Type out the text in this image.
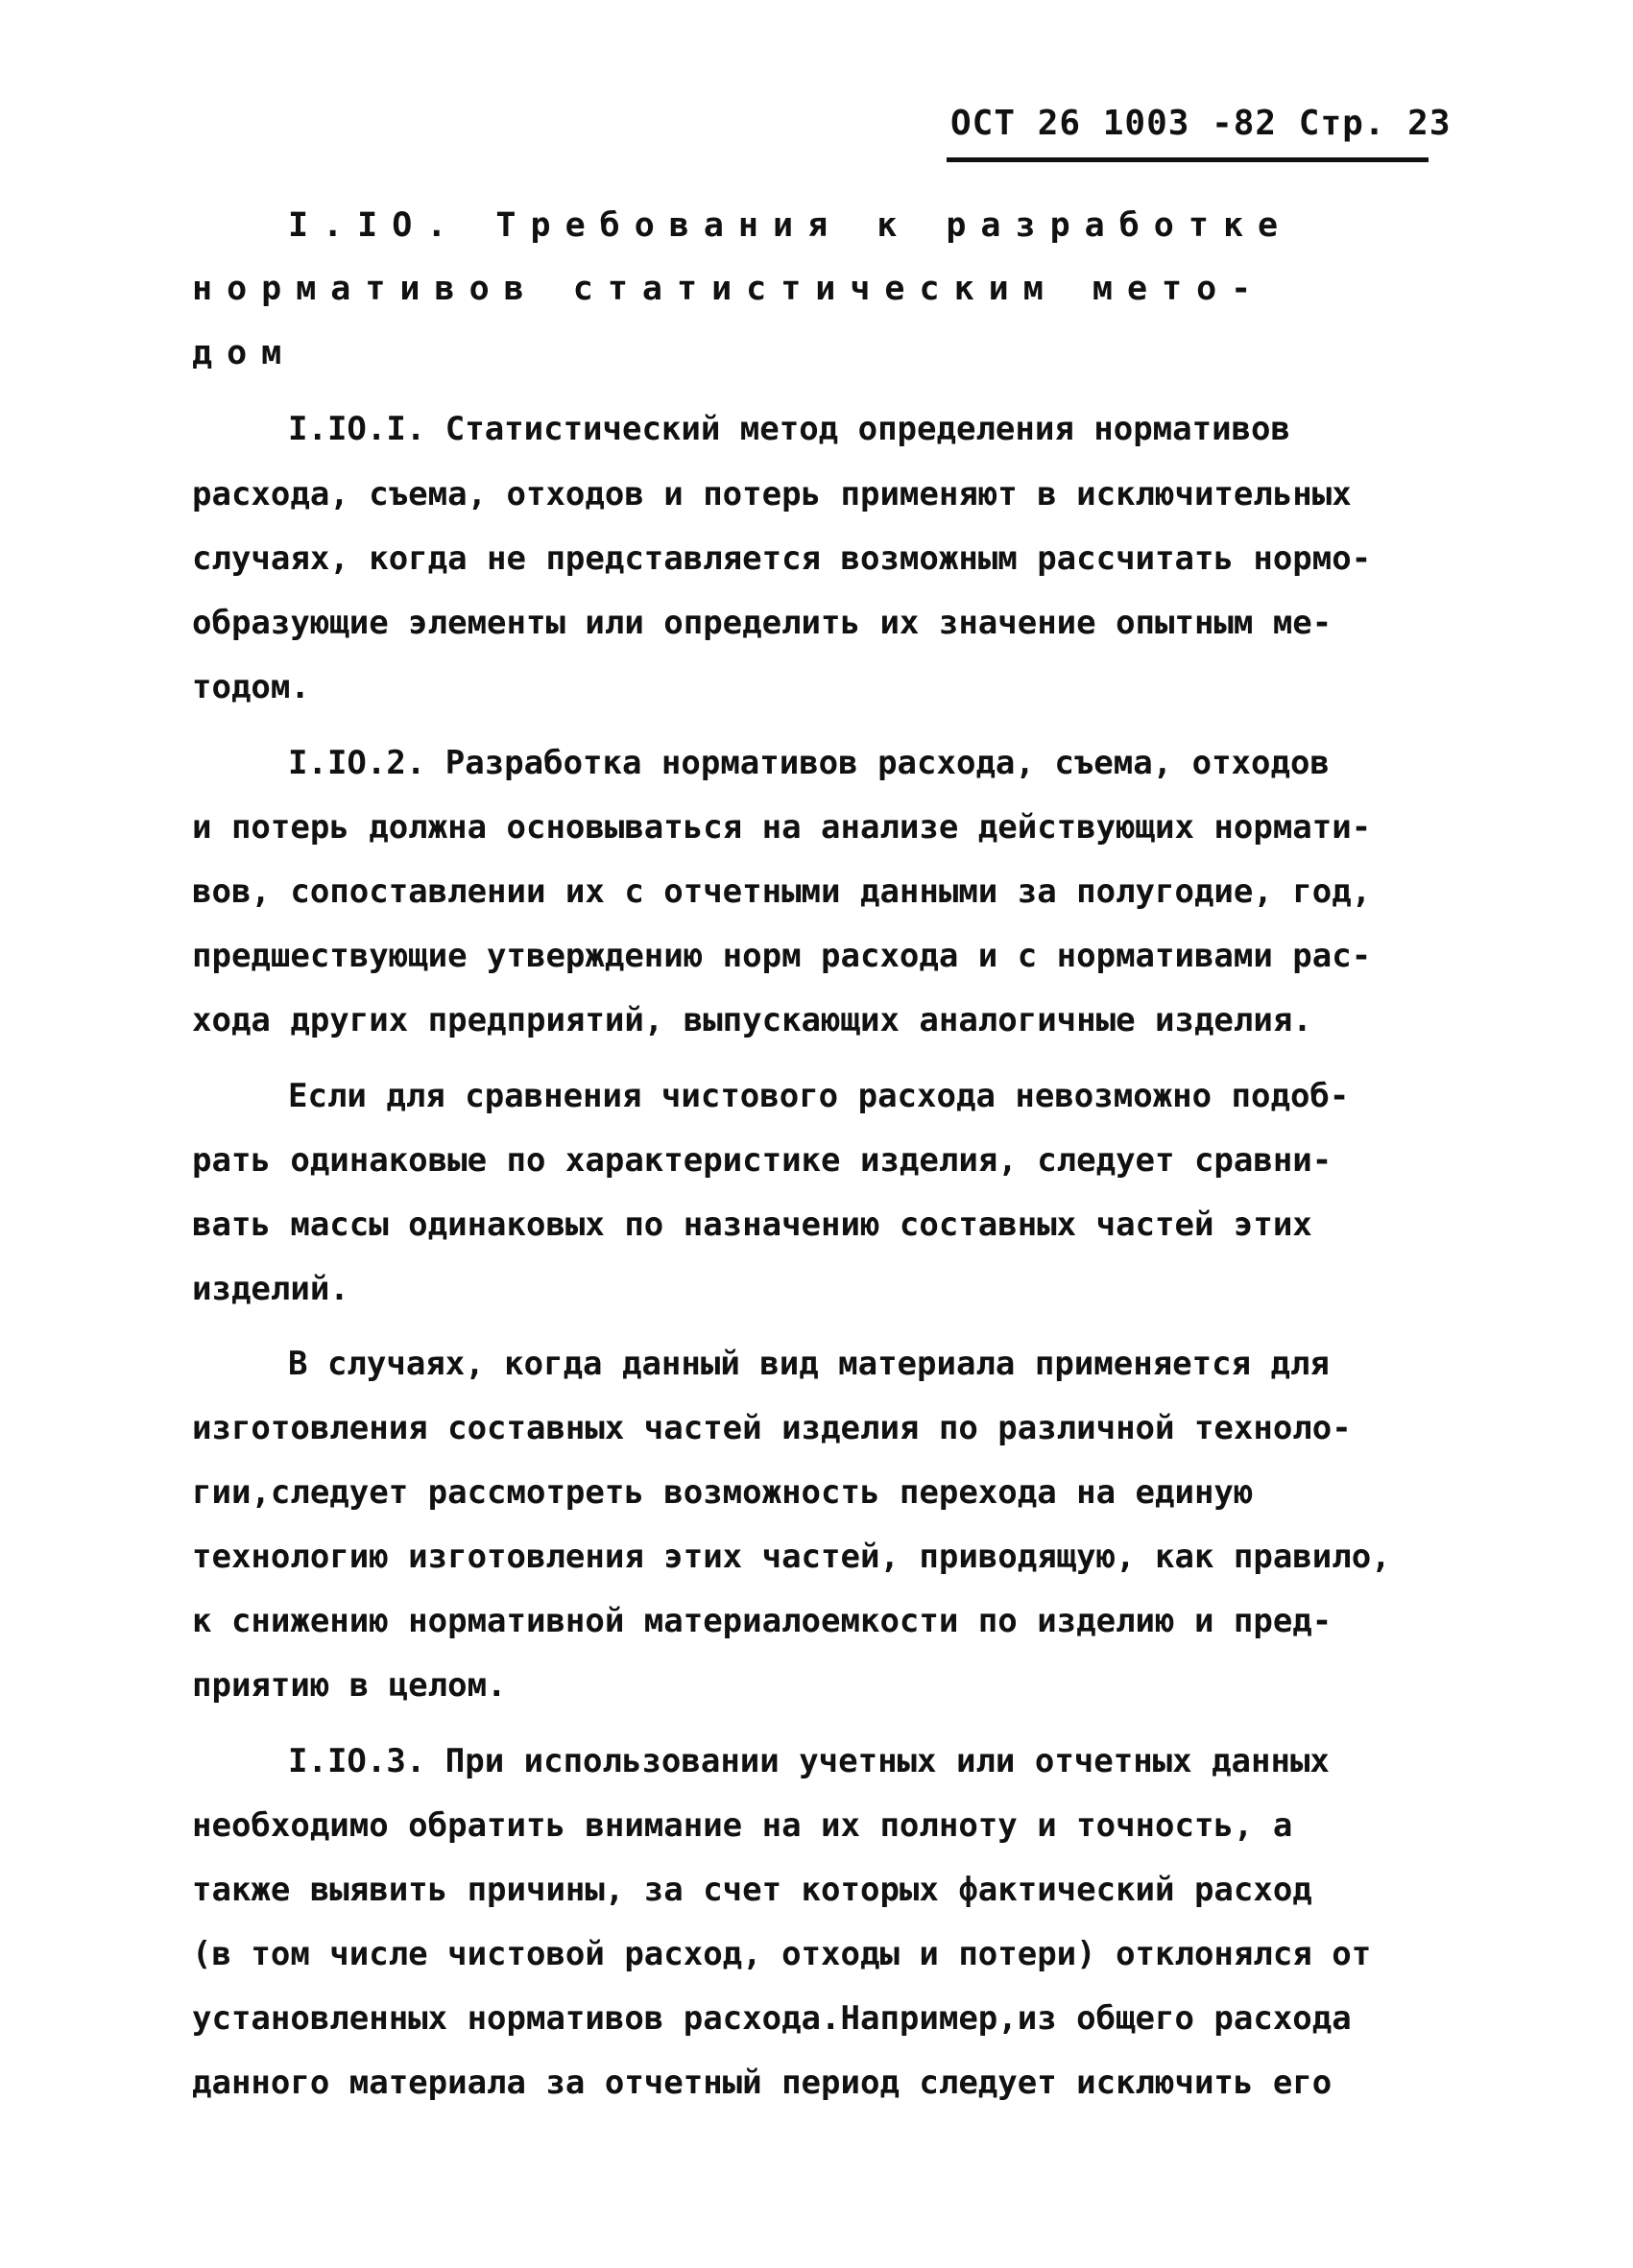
ОСТ 26 1003 -82 Стр. 23
I.IO. Требования к разработке
нормативов статистическим мето-
дом
I.IO.I. Статистический метод определения нормативов
расхода, съема, отходов и потерь применяют в исключительных
случаях, когда не представляется возможным рассчитать нормо-
образующие элементы или определить их значение опытным ме-
тодом.
I.IO.2. Разработка нормативов расхода, съема, отходов
и потерь должна основываться на анализе действующих нормати-
вов, сопоставлении их с отчетными данными за полугодие, год,
предшествующие утверждению норм расхода и с нормативами рас-
хода других предприятий, выпускающих аналогичные изделия.
Если для сравнения чистового расхода невозможно подоб-
рать одинаковые по характеристике изделия, следует сравни-
вать массы одинаковых по назначению составных частей этих
изделий.
В случаях, когда данный вид материала применяется для
изготовления составных частей изделия по различной техноло-
гии,следует рассмотреть возможность перехода на единую
технологию изготовления этих частей, приводящую, как правило,
к снижению нормативной материалоемкости по изделию и пред-
приятию в целом.
I.IO.3. При использовании учетных или отчетных данных
необходимо обратить внимание на их полноту и точность, а
также выявить причины, за счет которых фактический расход
(в том числе чистовой расход, отходы и потери) отклонялся от
установленных нормативов расхода.Например,из общего расхода
данного материала за отчетный период следует исключить его
